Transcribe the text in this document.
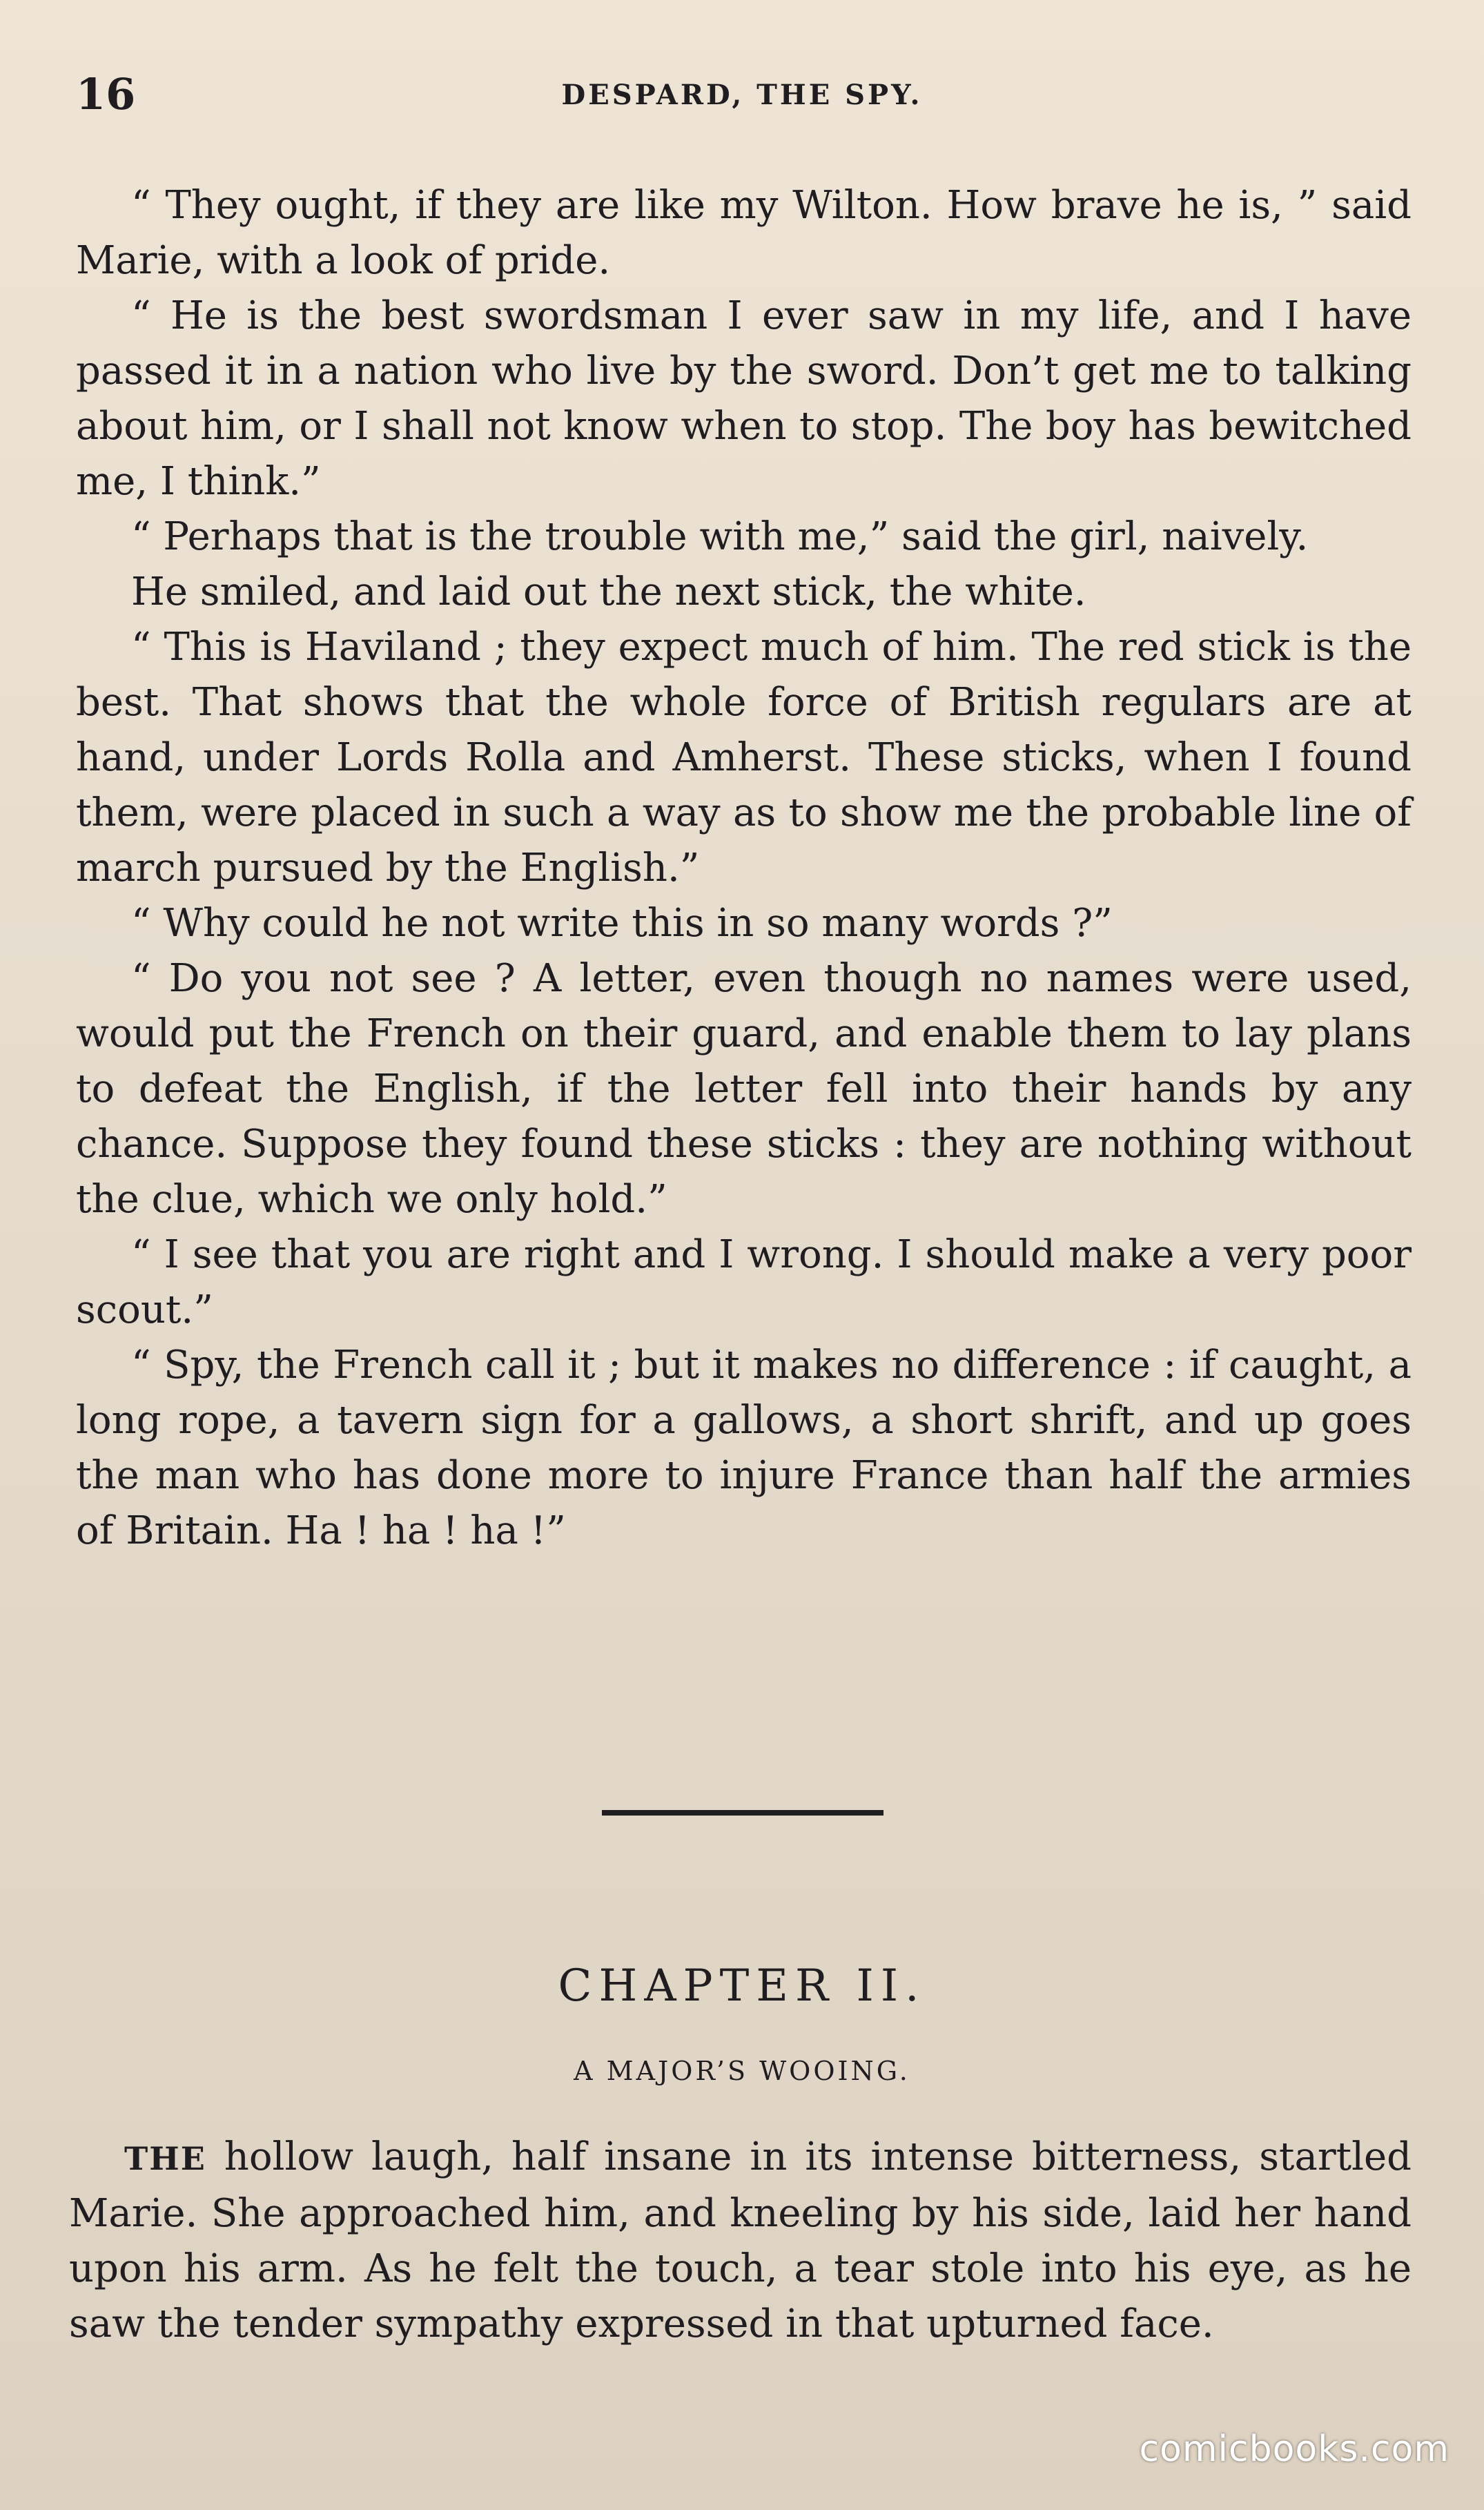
16	DESPARD, THE SPY.

“ They ought, if they are like my Wilton. How brave he is, ” said Marie, with a look of pride.

“ He is the best swordsman I ever saw in my life, and I have passed it in a nation who live by the sword. Don’t get me to talking about him, or I shall not know when to stop. The boy has bewitched me, I think.”

“ Perhaps that is the trouble with me,” said the girl, naively.

He smiled, and laid out the next stick, the white.

“ This is Haviland ; they expect much of him. The red stick is the best. That shows that the whole force of British regulars are at hand, under Lords Rolla and Amherst. These sticks, when I found them, were placed in such a way as to show me the probable line of march pursued by the English.”

“ Why could he not write this in so many words ?”

“ Do you not see ? A letter, even though no names were used, would put the French on their guard, and enable them to lay plans to defeat the English, if the letter fell into their hands by any chance. Suppose they found these sticks : they are nothing without the clue, which we only hold.”

“ I see that you are right and I wrong. I should make a very poor scout.”

“ Spy, the French call it ; but it makes no difference : if caught, a long rope, a tavern sign for a gallows, a short shrift, and up goes the man who has done more to injure France than half the armies of Britain. Ha ! ha ! ha !”

CHAPTER II.
A MAJOR’S WOOING.

THE hollow laugh, half insane in its intense bitterness, startled Marie. She approached him, and kneeling by his side, laid her hand upon his arm. As he felt the touch, a tear stole into his eye, as he saw the tender sympathy expressed in that upturned face.

comicbooks.com
